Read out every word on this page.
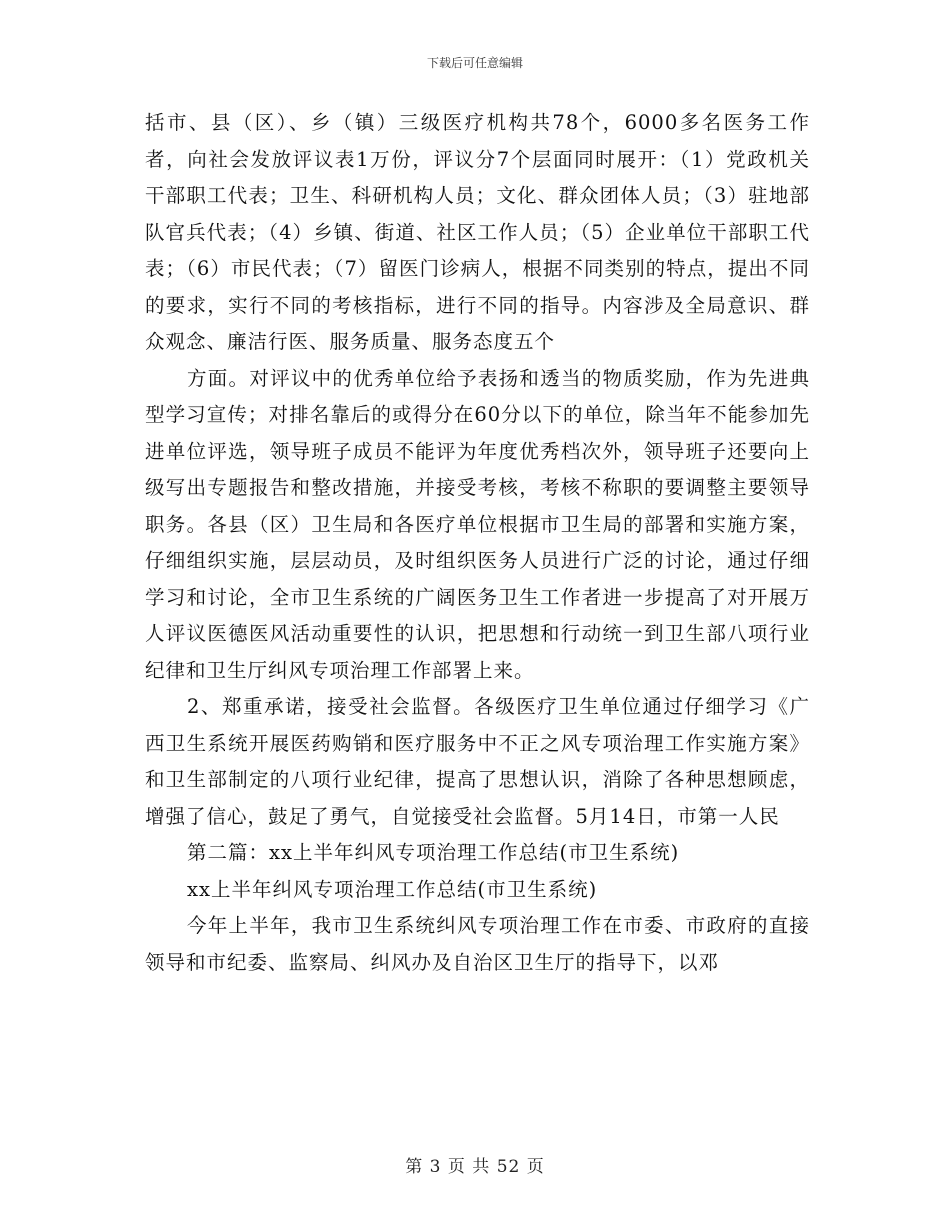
下载后可任意编辑

括市、县（区）、乡（镇）三级医疗机构共78个，6000多名医务工作者，向社会发放评议表1万份，评议分7个层面同时展开：（1）党政机关干部职工代表；卫生、科研机构人员；文化、群众团体人员；（3）驻地部队官兵代表；（4）乡镇、街道、社区工作人员；（5）企业单位干部职工代表；（6）市民代表；（7）留医门诊病人，根据不同类别的特点，提出不同的要求，实行不同的考核指标，进行不同的指导。内容涉及全局意识、群众观念、廉洁行医、服务质量、服务态度五个

方面。对评议中的优秀单位给予表扬和透当的物质奖励，作为先进典型学习宣传；对排名靠后的或得分在60分以下的单位，除当年不能参加先进单位评选，领导班子成员不能评为年度优秀档次外，领导班子还要向上级写出专题报告和整改措施，并接受考核，考核不称职的要调整主要领导职务。各县（区）卫生局和各医疗单位根据市卫生局的部署和实施方案，仔细组织实施，层层动员，及时组织医务人员进行广泛的讨论，通过仔细学习和讨论，全市卫生系统的广阔医务卫生工作者进一步提高了对开展万人评议医德医风活动重要性的认识，把思想和行动统一到卫生部八项行业纪律和卫生厅纠风专项治理工作部署上来。

2、郑重承诺，接受社会监督。各级医疗卫生单位通过仔细学习《广西卫生系统开展医药购销和医疗服务中不正之风专项治理工作实施方案》和卫生部制定的八项行业纪律，提高了思想认识，消除了各种思想顾虑，增强了信心，鼓足了勇气，自觉接受社会监督。5月14日，市第一人民

第二篇：xx上半年纠风专项治理工作总结(市卫生系统)

xx上半年纠风专项治理工作总结(市卫生系统)

今年上半年，我市卫生系统纠风专项治理工作在市委、市政府的直接领导和市纪委、监察局、纠风办及自治区卫生厅的指导下，以邓

第 3 页 共 52 页
